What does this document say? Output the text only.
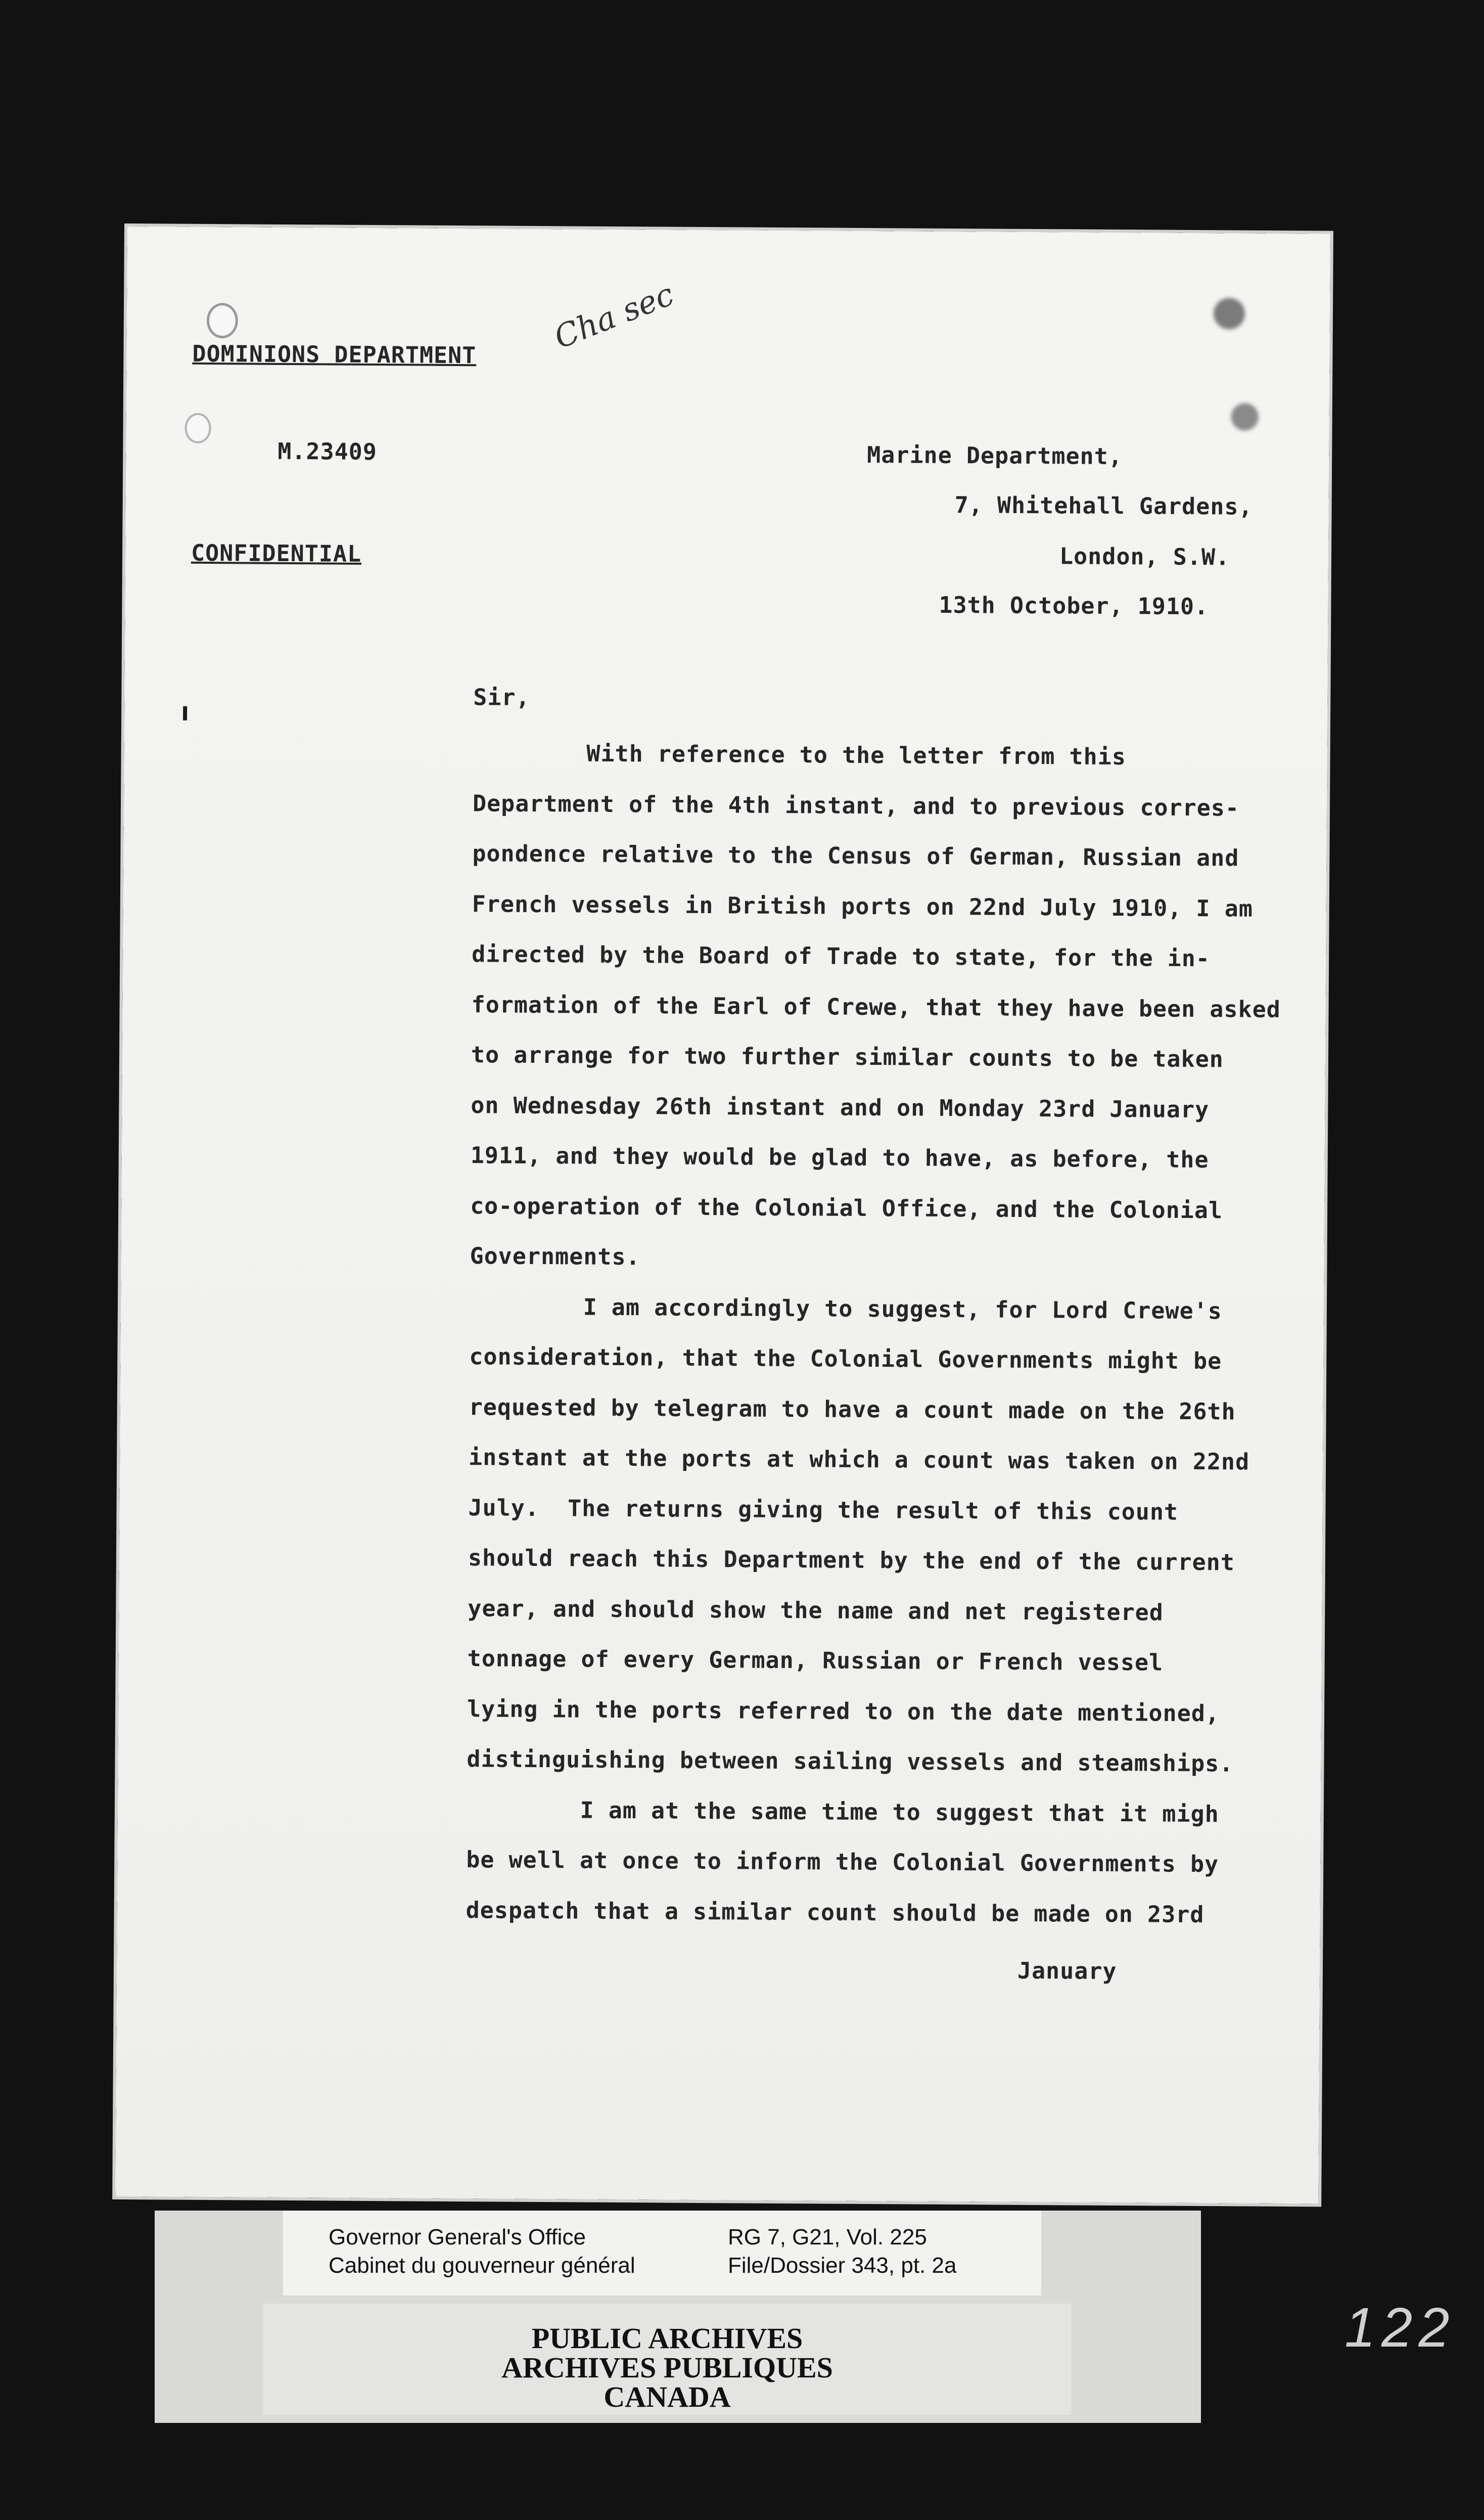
DOMINIONS DEPARTMENT Cha sec
M.23409
CONFIDENTIAL
Marine Department,
7, Whitehall Gardens,
London, S.W.
13th October, 1910.
Sir,
With reference to the letter from this
Department of the 4th instant, and to previous corres-
pondence relative to the Census of German, Russian and
French vessels in British ports on 22nd July 1910, I am
directed by the Board of Trade to state, for the in-
formation of the Earl of Crewe, that they have been asked
to arrange for two further similar counts to be taken
on Wednesday 26th instant and on Monday 23rd January
1911, and they would be glad to have, as before, the
co-operation of the Colonial Office, and the Colonial
Governments.
I am accordingly to suggest, for Lord Crewe's
consideration, that the Colonial Governments might be
requested by telegram to have a count made on the 26th
instant at the ports at which a count was taken on 22nd
July.  The returns giving the result of this count
should reach this Department by the end of the current
year, and should show the name and net registered
tonnage of every German, Russian or French vessel
lying in the ports referred to on the date mentioned,
distinguishing between sailing vessels and steamships.
I am at the same time to suggest that it migh
be well at once to inform the Colonial Governments by
despatch that a similar count should be made on 23rd
January
Governor General's Office
Cabinet du gouverneur général
RG 7, G21, Vol. 225
File/Dossier 343, pt. 2a
PUBLIC ARCHIVES
ARCHIVES PUBLIQUES
CANADA
122
